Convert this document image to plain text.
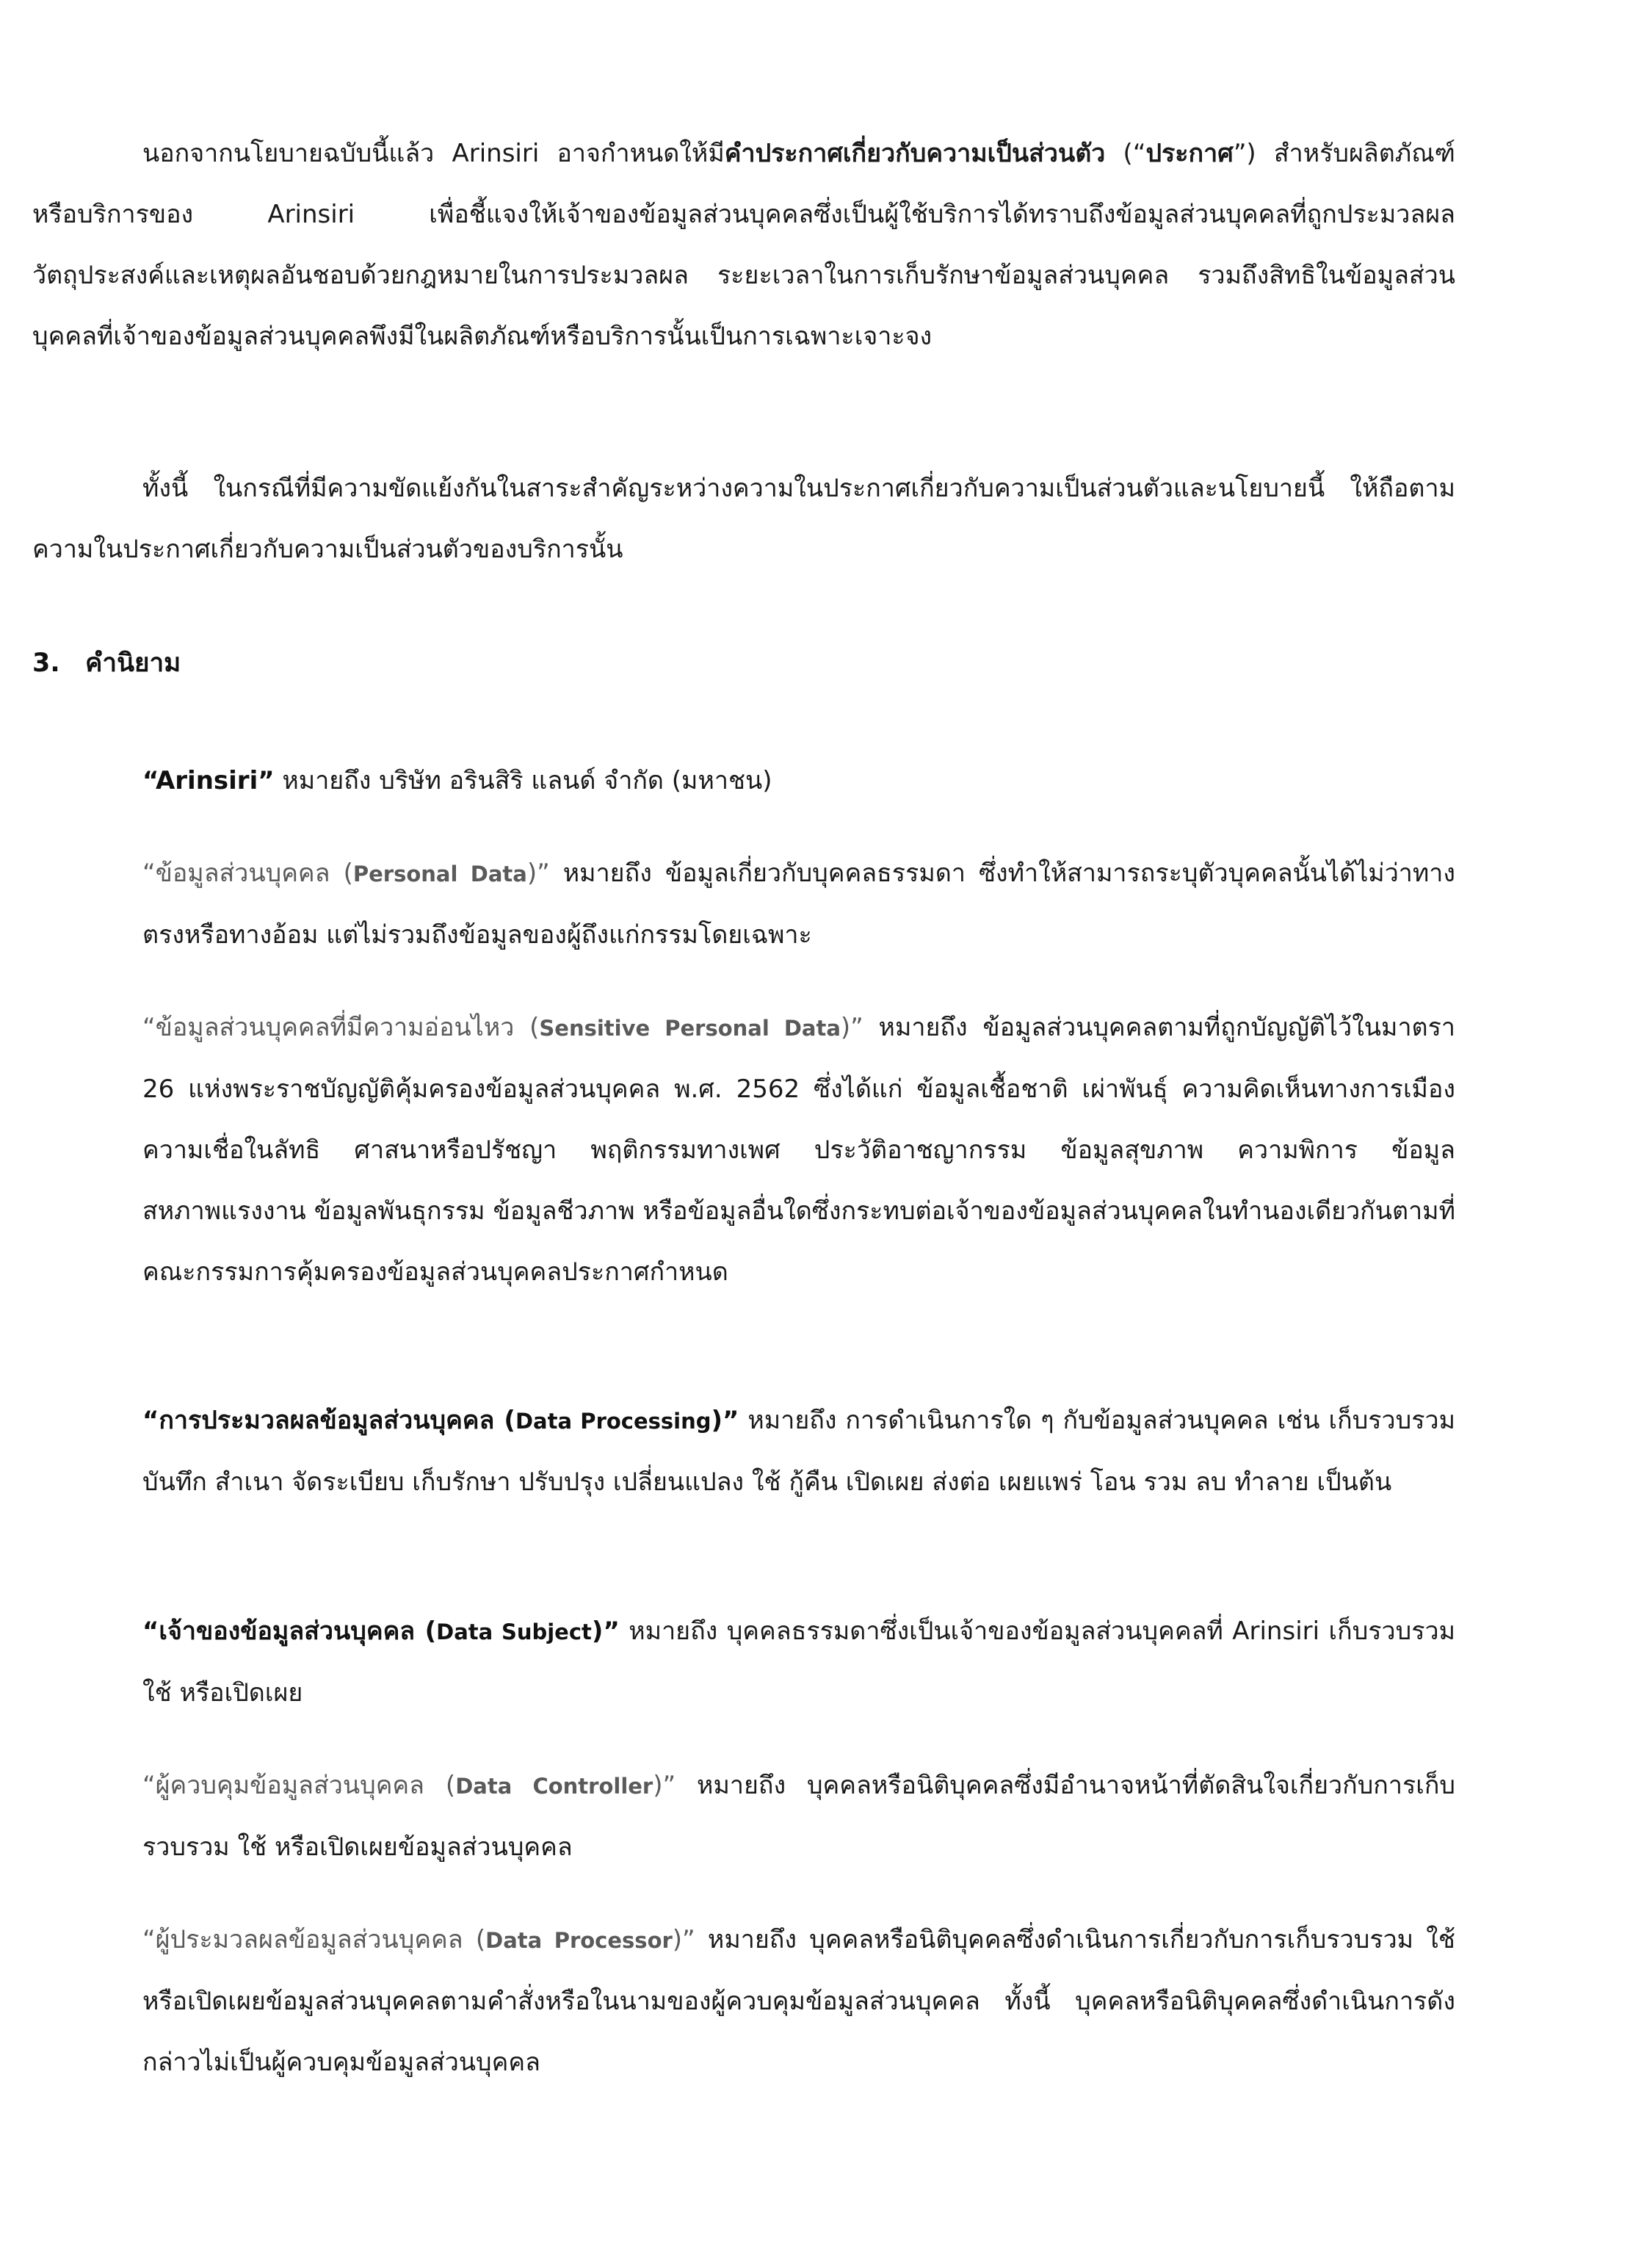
นอกจากนโยบายฉบับนี้แล้ว Arinsiri อาจกำหนดให้มีคำประกาศเกี่ยวกับความเป็นส่วนตัว (“ประกาศ”) สำหรับผลิตภัณฑ์หรือบริการของ Arinsiri เพื่อชี้แจงให้เจ้าของข้อมูลส่วนบุคคลซึ่งเป็นผู้ใช้บริการได้ทราบถึงข้อมูลส่วนบุคคลที่ถูกประมวลผล วัตถุประสงค์และเหตุผลอันชอบด้วยกฎหมายในการประมวลผล ระยะเวลาในการเก็บรักษาข้อมูลส่วนบุคคล รวมถึงสิทธิในข้อมูลส่วนบุคคลที่เจ้าของข้อมูลส่วนบุคคลพึงมีในผลิตภัณฑ์หรือบริการนั้นเป็นการเฉพาะเจาะจง

ทั้งนี้ ในกรณีที่มีความขัดแย้งกันในสาระสำคัญระหว่างความในประกาศเกี่ยวกับความเป็นส่วนตัวและนโยบายนี้ ให้ถือตามความในประกาศเกี่ยวกับความเป็นส่วนตัวของบริการนั้น

3. คำนิยาม

“Arinsiri” หมายถึง บริษัท อรินสิริ แลนด์ จำกัด (มหาชน)

“ข้อมูลส่วนบุคคล (Personal Data)” หมายถึง ข้อมูลเกี่ยวกับบุคคลธรรมดา ซึ่งทำให้สามารถระบุตัวบุคคลนั้นได้ไม่ว่าทางตรงหรือทางอ้อม แต่ไม่รวมถึงข้อมูลของผู้ถึงแก่กรรมโดยเฉพาะ

“ข้อมูลส่วนบุคคลที่มีความอ่อนไหว (Sensitive Personal Data)” หมายถึง ข้อมูลส่วนบุคคลตามที่ถูกบัญญัติไว้ในมาตรา 26 แห่งพระราชบัญญัติคุ้มครองข้อมูลส่วนบุคคล พ.ศ. 2562 ซึ่งได้แก่ ข้อมูลเชื้อชาติ เผ่าพันธุ์ ความคิดเห็นทางการเมือง ความเชื่อในลัทธิ ศาสนาหรือปรัชญา พฤติกรรมทางเพศ ประวัติอาชญากรรม ข้อมูลสุขภาพ ความพิการ ข้อมูลสหภาพแรงงาน ข้อมูลพันธุกรรม ข้อมูลชีวภาพ หรือข้อมูลอื่นใดซึ่งกระทบต่อเจ้าของข้อมูลส่วนบุคคลในทำนองเดียวกันตามที่คณะกรรมการคุ้มครองข้อมูลส่วนบุคคลประกาศกำหนด

“การประมวลผลข้อมูลส่วนบุคคล (Data Processing)” หมายถึง การดำเนินการใด ๆ กับข้อมูลส่วนบุคคล เช่น เก็บรวบรวม บันทึก สำเนา จัดระเบียบ เก็บรักษา ปรับปรุง เปลี่ยนแปลง ใช้ กู้คืน เปิดเผย ส่งต่อ เผยแพร่ โอน รวม ลบ ทำลาย เป็นต้น

“เจ้าของข้อมูลส่วนบุคคล (Data Subject)” หมายถึง บุคคลธรรมดาซึ่งเป็นเจ้าของข้อมูลส่วนบุคคลที่ Arinsiri เก็บรวบรวม ใช้ หรือเปิดเผย

“ผู้ควบคุมข้อมูลส่วนบุคคล (Data Controller)” หมายถึง บุคคลหรือนิติบุคคลซึ่งมีอำนาจหน้าที่ตัดสินใจเกี่ยวกับการเก็บรวบรวม ใช้ หรือเปิดเผยข้อมูลส่วนบุคคล

“ผู้ประมวลผลข้อมูลส่วนบุคคล (Data Processor)” หมายถึง บุคคลหรือนิติบุคคลซึ่งดำเนินการเกี่ยวกับการเก็บรวบรวม ใช้ หรือเปิดเผยข้อมูลส่วนบุคคลตามคำสั่งหรือในนามของผู้ควบคุมข้อมูลส่วนบุคคล ทั้งนี้ บุคคลหรือนิติบุคคลซึ่งดำเนินการดังกล่าวไม่เป็นผู้ควบคุมข้อมูลส่วนบุคคล
